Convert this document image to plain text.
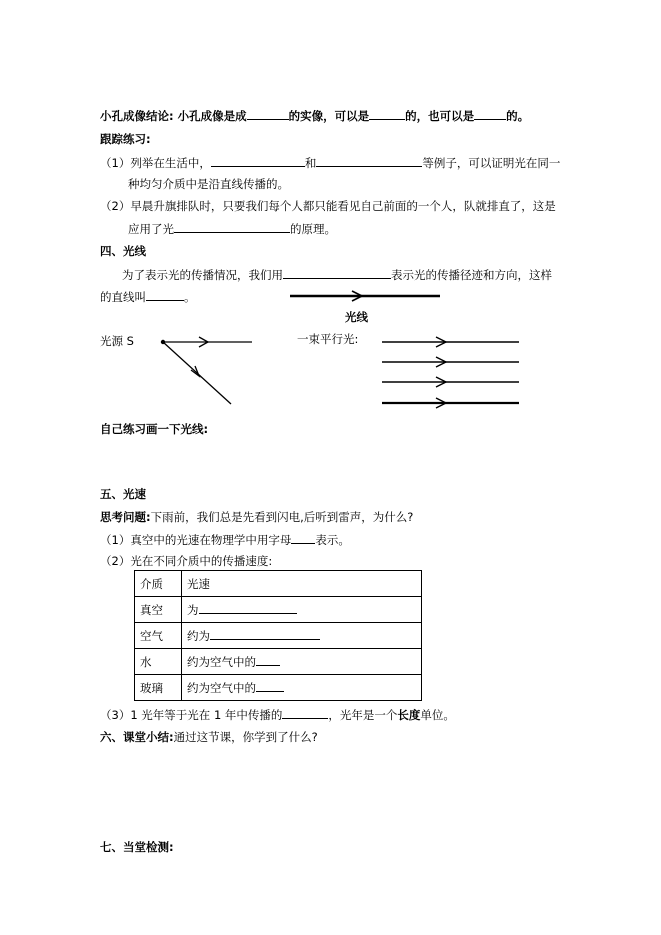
小孔成像结论: 小孔成像是成	的实像，可以是	的，也可以是	的。
跟踪练习:
（1）列举在生活中，	和	等例子，可以证明光在同一
种均匀介质中是沿直线传播的。
（2）早晨升旗排队时，只要我们每个人都只能看见自己前面的一个人，队就排直了，这是
应用了光	的原理。
四、光线
为了表示光的传播情况，我们用	表示光的传播径迹和方向，这样
的直线叫	。
光线
光源 S	一束平行光:
自己练习画一下光线:
五、光速
思考问题:下雨前，我们总是先看到闪电,后听到雷声，为什么?
（1）真空中的光速在物理学中用字母 表示。
（2）光在不同介质中的传播速度:
介质	光速
真空	为
空气	约为
水	约为空气中的
玻璃	约为空气中的
（3）1 光年等于光在 1 年中传播的	，光年是一个长度单位。
六、课堂小结:通过这节课，你学到了什么?
七、当堂检测:
